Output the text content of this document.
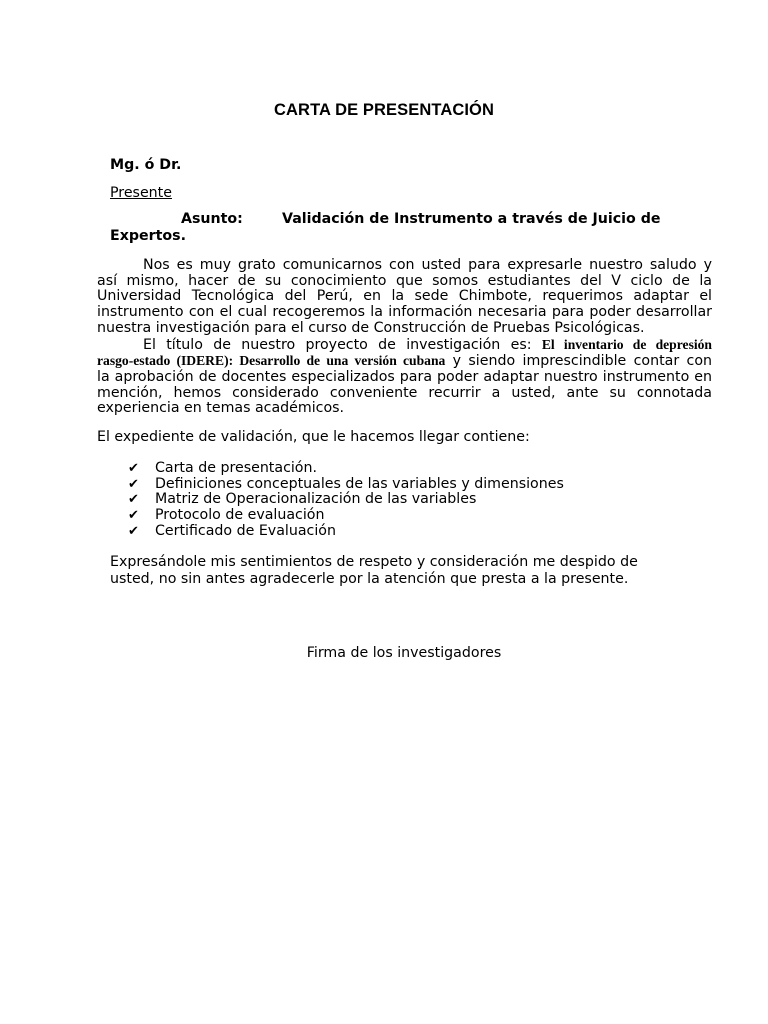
CARTA DE PRESENTACIÓN
Mg. ó Dr.
Presente
Asunto:	Validación de Instrumento a través de Juicio de
Expertos.
Nos es muy grato comunicarnos con usted para expresarle nuestro saludo y
así mismo, hacer de su conocimiento que somos estudiantes del V ciclo de la
Universidad Tecnológica del Perú, en la sede Chimbote, requerimos adaptar el
instrumento con el cual recogeremos la información necesaria para poder desarrollar
nuestra investigación para el curso de Construcción de Pruebas Psicológicas.
El título de nuestro proyecto de investigación es: El inventario de depresión
rasgo-estado (IDERE): Desarrollo de una versión cubana y siendo imprescindible contar con
la aprobación de docentes especializados para poder adaptar nuestro instrumento en
mención, hemos considerado conveniente recurrir a usted, ante su connotada
experiencia en temas académicos.
El expediente de validación, que le hacemos llegar contiene:
✔	Carta de presentación.
✔	Definiciones conceptuales de las variables y dimensiones
✔	Matriz de Operacionalización de las variables
✔	Protocolo de evaluación
✔	Certificado de Evaluación
Expresándole mis sentimientos de respeto y consideración me despido de
usted, no sin antes agradecerle por la atención que presta a la presente.
Firma de los investigadores
